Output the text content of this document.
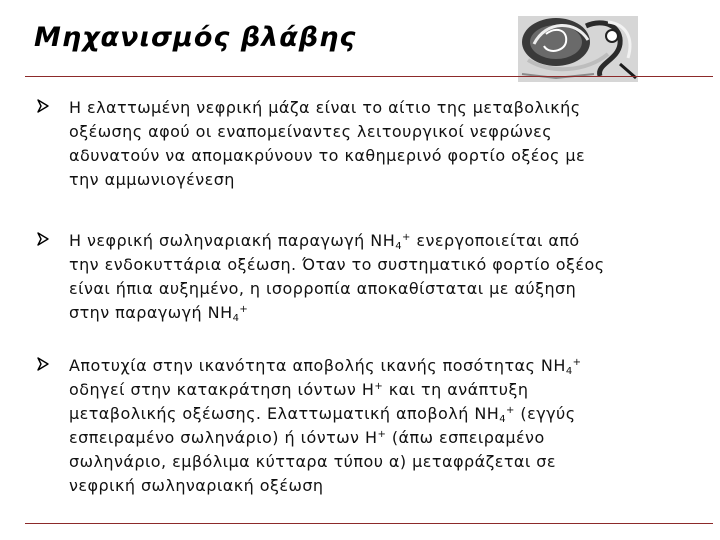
Μηχανισμός βλάβης
Η ελαττωμένη νεφρική μάζα είναι το αίτιο της μεταβολικής
οξέωσης αφού οι εναπομείναντες λειτουργικοί νεφρώνες
αδυνατούν να απομακρύνουν το καθημερινό φορτίο οξέος με
την αμμωνιογένεση
Η νεφρική σωληναριακή παραγωγή $NH_4^+$ ενεργοποιείται από
την ενδοκυττάρια οξέωση. Όταν το συστηματικό φορτίο οξέος
είναι ήπια αυξημένο, η ισορροπία αποκαθίσταται με αύξηση
στην παραγωγή $NH_4^+$
Αποτυχία στην ικανότητα αποβολής ικανής ποσότητας $NH_4^+$
οδηγεί στην κατακράτηση ιόντων H+ και τη ανάπτυξη
μεταβολικής οξέωσης. Ελαττωματική αποβολή $NH_4^+$ (εγγύς
εσπειραμένο σωληνάριο) ή ιόντων H+ (άπω εσπειραμένο
σωληνάριο, εμβόλιμα κύτταρα τύπου α) μεταφράζεται σε
νεφρική σωληναριακή οξέωση
